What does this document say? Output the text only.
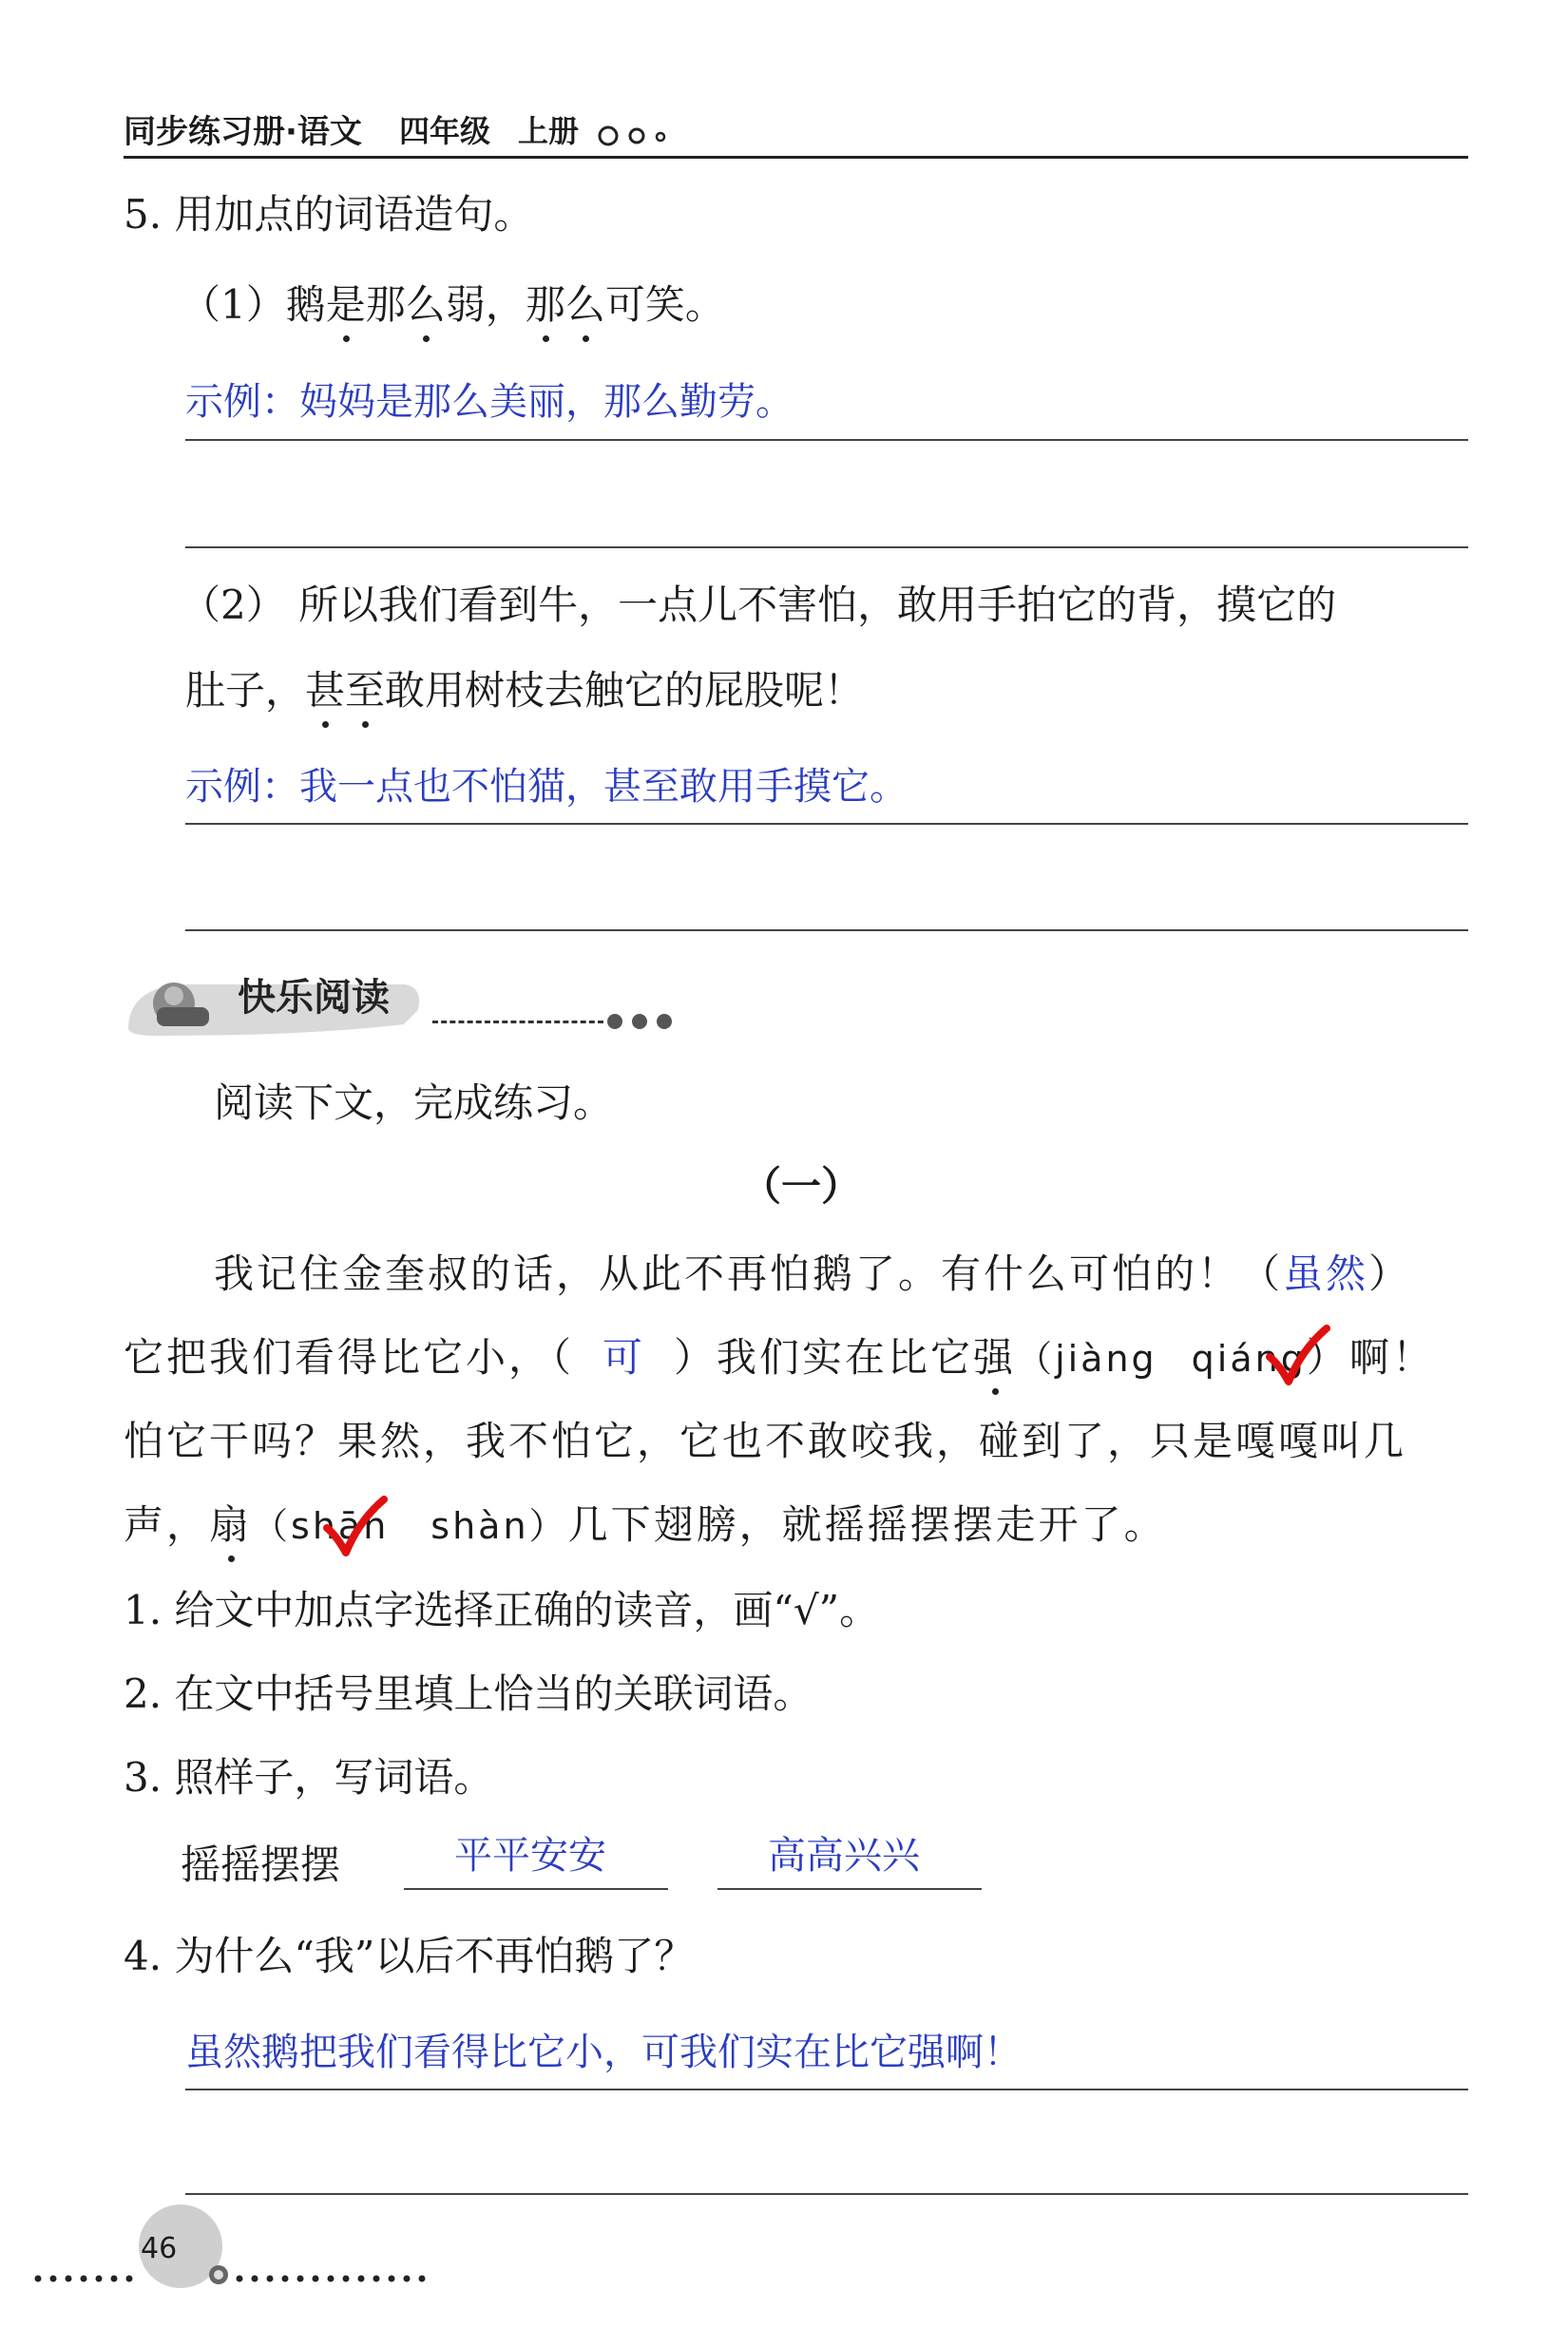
同步练习册·语文 四年级 上册
5. 用加点的词语造句。
（1）鹅是那么弱，那么可笑。
示例：妈妈是那么美丽，那么勤劳。
（2） 所以我们看到牛，一点儿不害怕，敢用手拍它的背，摸它的
肚子，甚至敢用树枝去触它的屁股呢！
示例：我一点也不怕猫，甚至敢用手摸它。
快乐阅读
阅读下文，完成练习。
（一）
我记住金奎叔的话，从此不再怕鹅了。有什么可怕的！（虽然）
它把我们看得比它小，（ 可 ）我们实在比它强（jiàng qiáng）啊！
怕它干吗？果然，我不怕它，它也不敢咬我，碰到了，只是嘎嘎叫几
声，扇（shān shàn）几下翅膀，就摇摇摆摆走开了。
1. 给文中加点字选择正确的读音，画“√”。
2. 在文中括号里填上恰当的关联词语。
3. 照样子，写词语。
摇摇摆摆	平平安安	高高兴兴
4. 为什么“我”以后不再怕鹅了？
虽然鹅把我们看得比它小，可我们实在比它强啊！
46
